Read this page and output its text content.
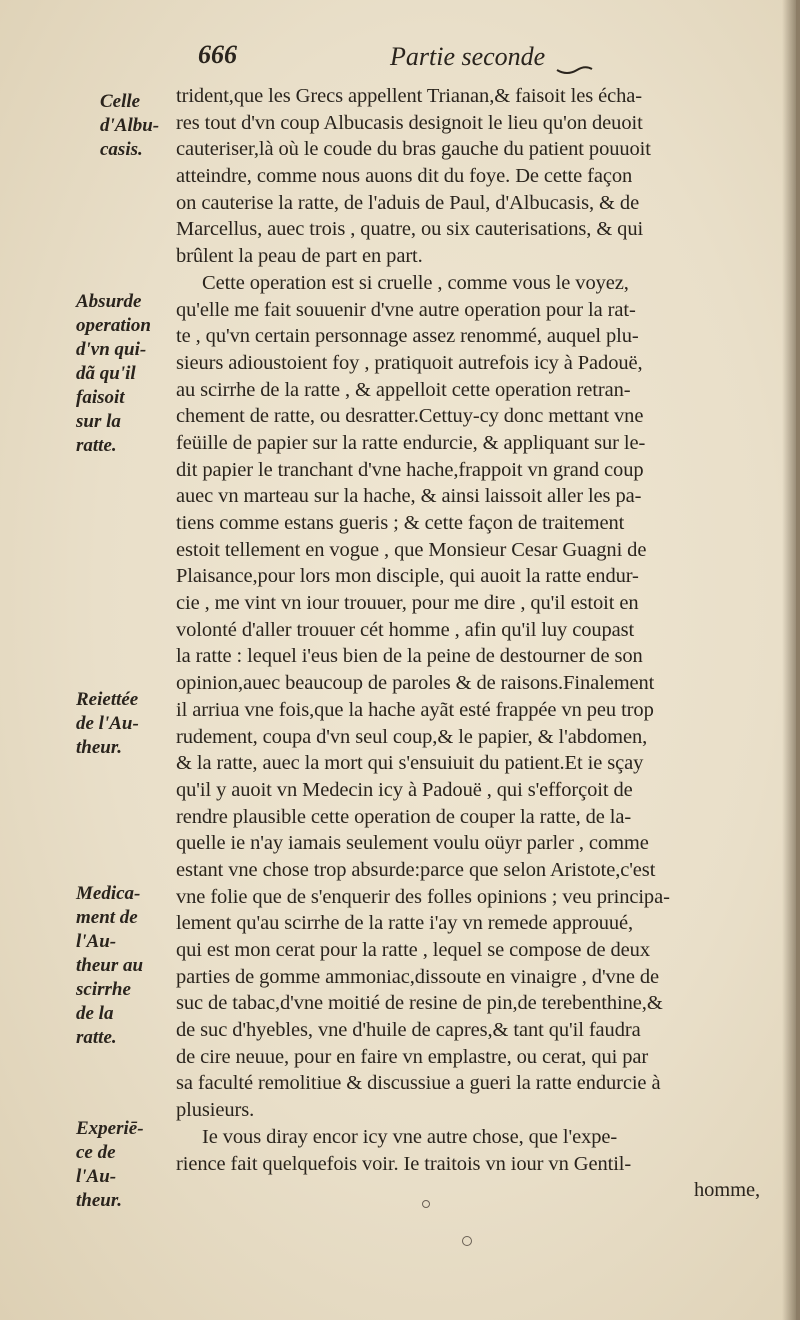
666	Partie seconde
Celle
d'Albu-
casis.
Absurde
operation
d'vn qui-
dã qu'il
faisoit
sur la
ratte.
Reiettée
de l'Au-
theur.
Medica-
ment de
l'Au-
theur au
scirrhe
de la
ratte.
Experiē-
ce de
l'Au-
theur.
trident,que les Grecs appellent Trianan,& faisoit les écha-
res tout d'vn coup Albucasis designoit le lieu qu'on deuoit
cauteriser,là où le coude du bras gauche du patient pouuoit
atteindre, comme nous auons dit du foye. De cette façon
on cauterise la ratte, de l'aduis de Paul, d'Albucasis, & de
Marcellus, auec trois , quatre, ou six cauterisations, & qui
brûlent la peau de part en part.
Cette operation est si cruelle , comme vous le voyez,
qu'elle me fait souuenir d'vne autre operation pour la rat-
te , qu'vn certain personnage assez renommé, auquel plu-
sieurs adioustoient foy , pratiquoit autrefois icy à Padouë,
au scirrhe de la ratte , & appelloit cette operation retran-
chement de ratte, ou desratter.Cettuy-cy donc mettant vne
feüille de papier sur la ratte endurcie, & appliquant sur le-
dit papier le tranchant d'vne hache,frappoit vn grand coup
auec vn marteau sur la hache, & ainsi laissoit aller les pa-
tiens comme estans gueris ; & cette façon de traitement
estoit tellement en vogue , que Monsieur Cesar Guagni de
Plaisance,pour lors mon disciple, qui auoit la ratte endur-
cie , me vint vn iour trouuer, pour me dire , qu'il estoit en
volonté d'aller trouuer cét homme , afin qu'il luy coupast
la ratte : lequel i'eus bien de la peine de destourner de son
opinion,auec beaucoup de paroles & de raisons.Finalement
il arriua vne fois,que la hache ayãt esté frappée vn peu trop
rudement, coupa d'vn seul coup,& le papier, & l'abdomen,
& la ratte, auec la mort qui s'ensuiuit du patient.Et ie sçay
qu'il y auoit vn Medecin icy à Padouë , qui s'efforçoit de
rendre plausible cette operation de couper la ratte, de la-
quelle ie n'ay iamais seulement voulu oüyr parler , comme
estant vne chose trop absurde:parce que selon Aristote,c'est
vne folie que de s'enquerir des folles opinions ; veu principa-
lement qu'au scirrhe de la ratte i'ay vn remede approuué,
qui est mon cerat pour la ratte , lequel se compose de deux
parties de gomme ammoniac,dissoute en vinaigre , d'vne de
suc de tabac,d'vne moitié de resine de pin,de terebenthine,&
de suc d'hyebles, vne d'huile de capres,& tant qu'il faudra
de cire neuue, pour en faire vn emplastre, ou cerat, qui par
sa faculté remolitiue & discussiue a gueri la ratte endurcie à
plusieurs.
Ie vous diray encor icy vne autre chose, que l'expe-
rience fait quelquefois voir. Ie traitois vn iour vn Gentil-
homme,
